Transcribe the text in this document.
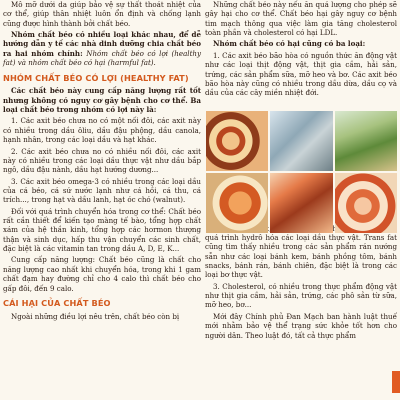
Mô mỡ dưới da giúp bảo vệ sự thất thoát nhiệt của cơ thể, giúp thân nhiệt luôn ổn định và chống lạnh cũng được hình thành bởi chất béo.

Nhóm chất béo có nhiều loại khác nhau, để dễ hướng dẫn y tế các nhà dinh dưỡng chia chất béo ra hai nhóm chính: Nhóm chất béo có lợi (healthy fat) và nhóm chất béo có hại (harmful fat).

NHÓM CHẤT BÉO CÓ LỢI (HEALTHY FAT)

Các chất béo này cung cấp năng lượng rất tốt nhưng không có nguy cơ gây bệnh cho cơ thể. Ba loại chất béo trong nhóm có lợi này là:

1. Các axit béo chưa no có một nối đôi, các axit này có nhiều trong dầu ôliu, dầu đậu phộng, dầu canola, hạnh nhân, trong các loại dầu và hạt khác.

2. Các axit béo chưa no có nhiều nối đôi, các axit này có nhiều trong các loại dầu thực vật như dầu bắp ngô, dầu đậu nành, dầu hạt hướng dương...

3. Các axit béo omega-3 có nhiều trong các loại dầu của cá béo, cá sứ nước lạnh như cá hồi, cá thu, cá trích..., trong hạt và dầu lanh, hạt óc chó (walnut).

Đối với quá trình chuyển hóa trong cơ thể: Chất béo rất cần thiết để kiến tạo màng tế bào, tổng hợp chất xám của hệ thần kinh, tổng hợp các hormon thượng thận và sinh dục, hấp thu vận chuyển các sinh chất, đặc biệt là các vitamin tan trong dầu A, D, E, K...

Cung cấp năng lượng: Chất béo cũng là chất cho năng lượng cao nhất khi chuyển hóa, trong khi 1 gam chất đạm hay đường chỉ cho 4 calo thì chất béo cho gấp đôi, đến 9 calo.

CÁI HẠI CỦA CHẤT BÉO

Ngoài những điều lợi nêu trên, chất béo còn bị

Những chất béo này nếu ăn quá lượng cho phép sẽ gây hại cho cơ thể. Chất béo hại gây nguy cơ bệnh tim mạch thông qua việc làm gia tăng cholesterol toàn phần và cholesterol có hại LDL.

Nhóm chất béo có hại cũng có ba loại:

1. Các axit béo bão hòa có nguồn thức ăn động vật như các loại thịt động vật, thịt gia cầm, hải sản, trứng, các sản phẩm sữa, mỡ heo và bơ. Các axit béo bão hòa này cũng có nhiều trong dầu dừa, dầu cọ và dầu của các cây miền nhiệt đới.

quá trình hydrô hóa các loại dầu thực vật. Trans fat cũng tìm thấy nhiều trong các sản phẩm rán nướng sẵn như các loại bánh kem, bánh phồng tôm, bánh snacks, bánh rán, bánh chiên, đặc biệt là trong các loại bơ thực vật.

3. Cholesterol, có nhiều trong thực phẩm động vật như thịt gia cầm, hải sản, trứng, các phô sản từ sữa, mỡ heo, bơ...

Mới đây Chính phủ Đan Mạch ban hành luật thuế mới nhằm bảo vệ thể trạng sức khỏe tốt hơn cho người dân. Theo luật đó, tất cả thực phẩm
